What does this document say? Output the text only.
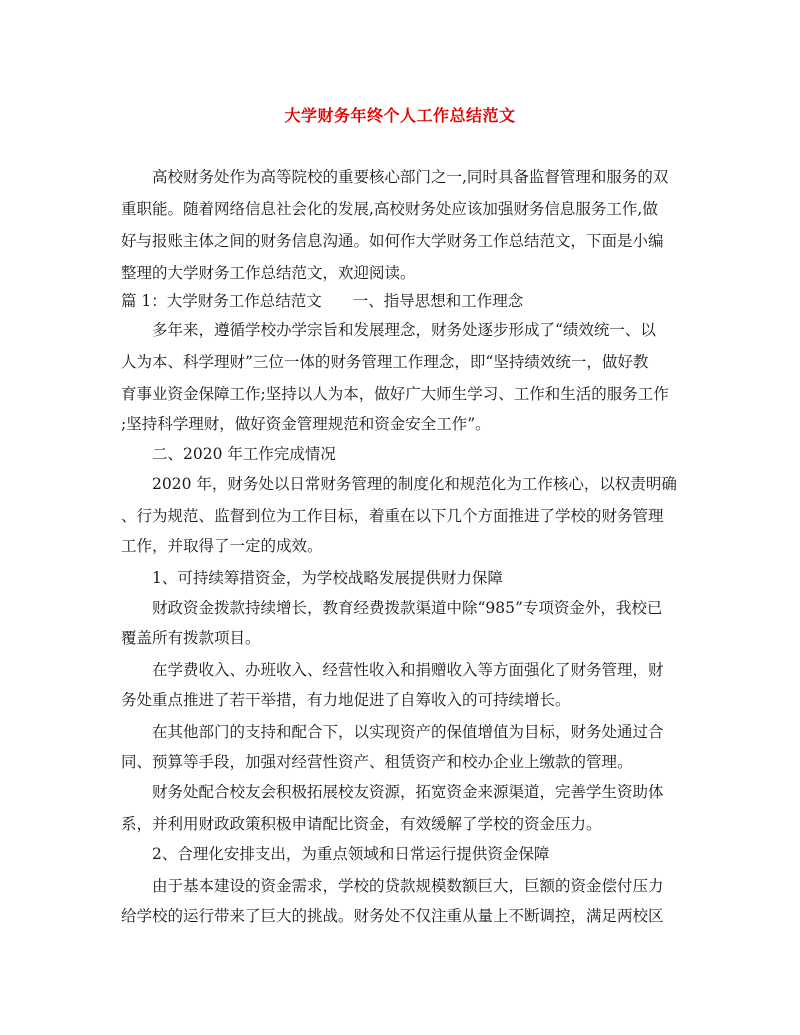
大学财务年终个人工作总结范文

高校财务处作为高等院校的重要核心部门之一,同时具备监督管理和服务的双

重职能。随着网络信息社会化的发展,高校财务处应该加强财务信息服务工作,做

好与报账主体之间的财务信息沟通。如何作大学财务工作总结范文，下面是小编

整理的大学财务工作总结范文，欢迎阅读。

篇 1：大学财务工作总结范文　　一、指导思想和工作理念

多年来，遵循学校办学宗旨和发展理念，财务处逐步形成了“绩效统一、以

人为本、科学理财”三位一体的财务管理工作理念，即“坚持绩效统一，做好教

育事业资金保障工作;坚持以人为本，做好广大师生学习、工作和生活的服务工作

;坚持科学理财，做好资金管理规范和资金安全工作”。

二、2020 年工作完成情况

2020 年，财务处以日常财务管理的制度化和规范化为工作核心，以权责明确

、行为规范、监督到位为工作目标，着重在以下几个方面推进了学校的财务管理

工作，并取得了一定的成效。

1、可持续筹措资金，为学校战略发展提供财力保障

财政资金拨款持续增长，教育经费拨款渠道中除“985”专项资金外，我校已

覆盖所有拨款项目。

在学费收入、办班收入、经营性收入和捐赠收入等方面强化了财务管理，财

务处重点推进了若干举措，有力地促进了自筹收入的可持续增长。

在其他部门的支持和配合下，以实现资产的保值增值为目标，财务处通过合

同、预算等手段，加强对经营性资产、租赁资产和校办企业上缴款的管理。

财务处配合校友会积极拓展校友资源，拓宽资金来源渠道，完善学生资助体

系，并利用财政政策积极申请配比资金，有效缓解了学校的资金压力。

2、合理化安排支出，为重点领域和日常运行提供资金保障

由于基本建设的资金需求，学校的贷款规模数额巨大，巨额的资金偿付压力

给学校的运行带来了巨大的挑战。财务处不仅注重从量上不断调控，满足两校区
